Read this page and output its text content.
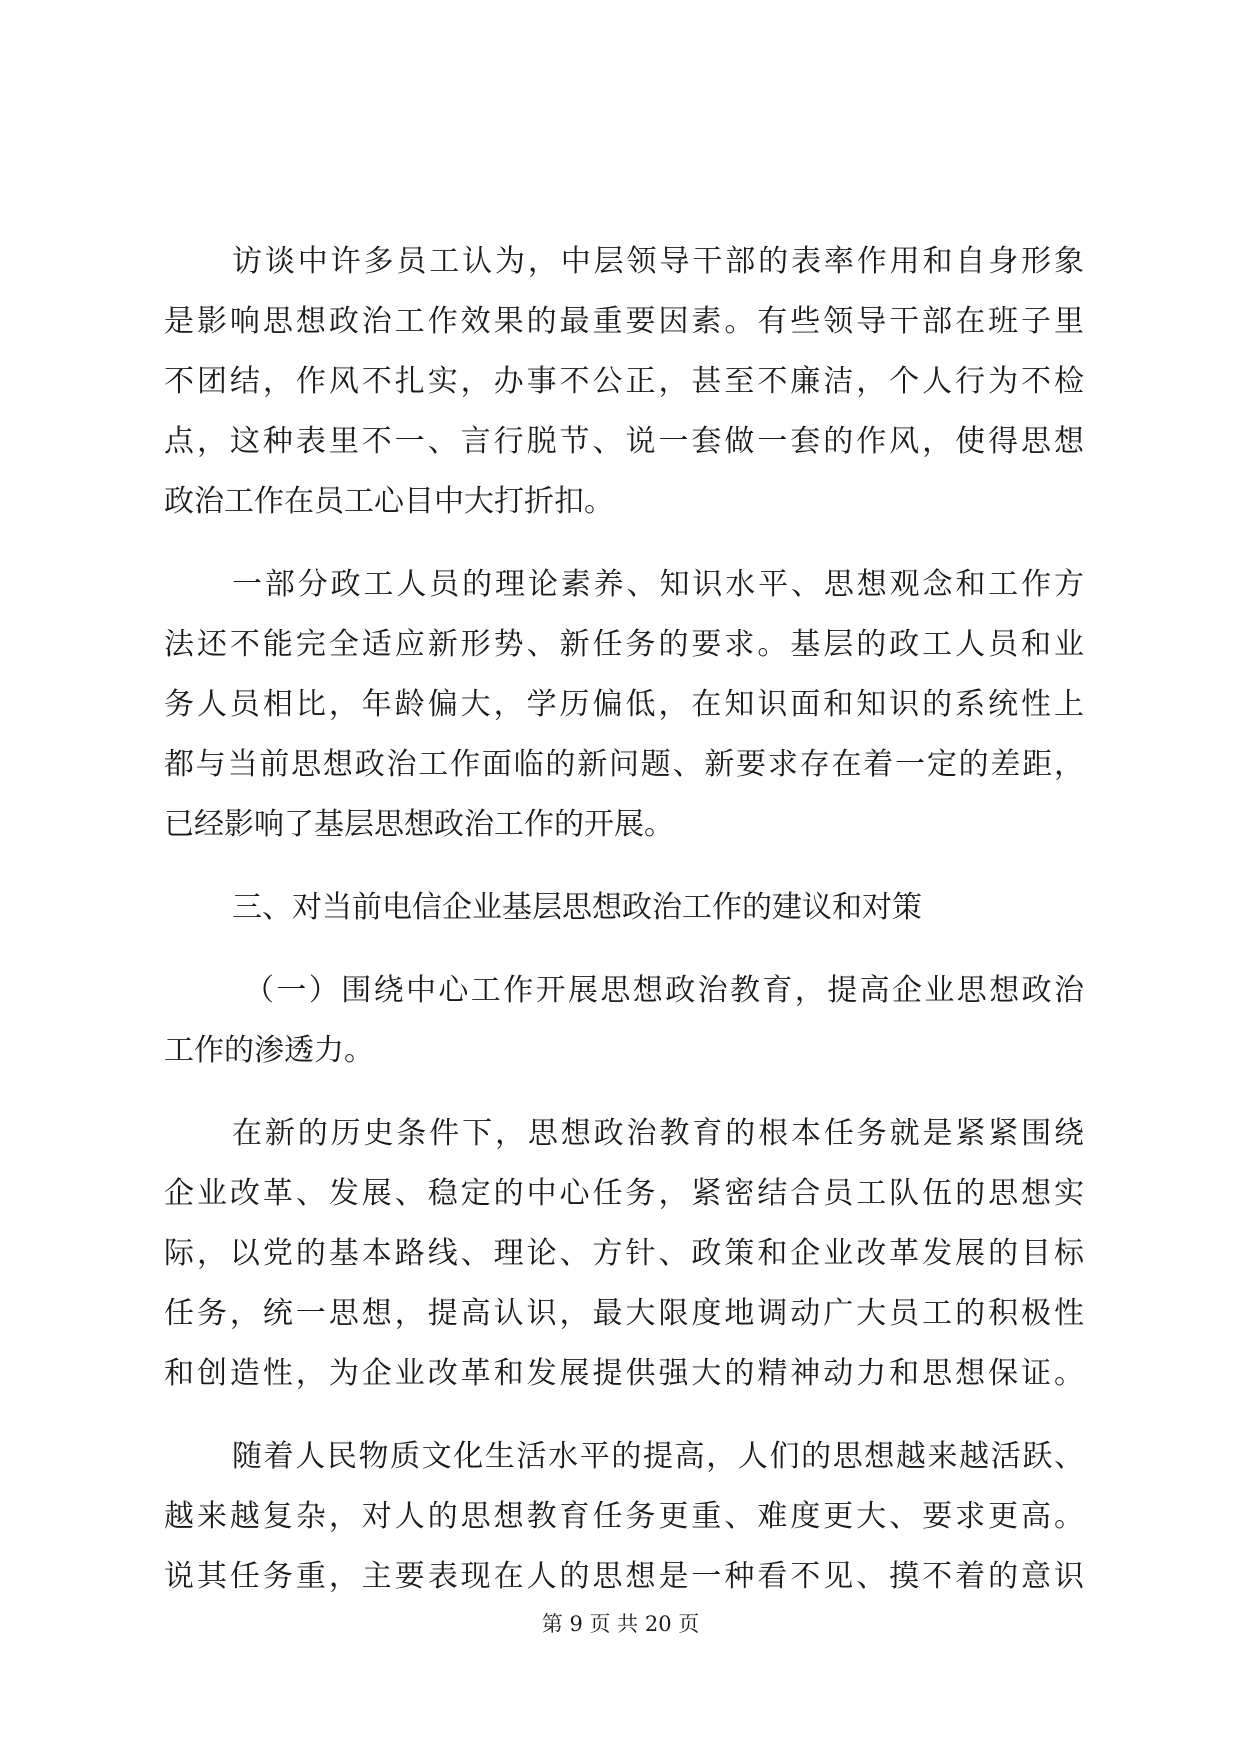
访谈中许多员工认为，中层领导干部的表率作用和自身形象
是影响思想政治工作效果的最重要因素。有些领导干部在班子里
不团结，作风不扎实，办事不公正，甚至不廉洁，个人行为不检
点，这种表里不一、言行脱节、说一套做一套的作风，使得思想
政治工作在员工心目中大打折扣。
一部分政工人员的理论素养、知识水平、思想观念和工作方
法还不能完全适应新形势、新任务的要求。基层的政工人员和业
务人员相比，年龄偏大，学历偏低，在知识面和知识的系统性上
都与当前思想政治工作面临的新问题、新要求存在着一定的差距，
已经影响了基层思想政治工作的开展。
三、对当前电信企业基层思想政治工作的建议和对策
（一）围绕中心工作开展思想政治教育，提高企业思想政治
工作的渗透力。
在新的历史条件下，思想政治教育的根本任务就是紧紧围绕
企业改革、发展、稳定的中心任务，紧密结合员工队伍的思想实
际，以党的基本路线、理论、方针、政策和企业改革发展的目标
任务，统一思想，提高认识，最大限度地调动广大员工的积极性
和创造性，为企业改革和发展提供强大的精神动力和思想保证。
随着人民物质文化生活水平的提高，人们的思想越来越活跃、
越来越复杂，对人的思想教育任务更重、难度更大、要求更高。
说其任务重，主要表现在人的思想是一种看不见、摸不着的意识
第 9 页 共 20 页
